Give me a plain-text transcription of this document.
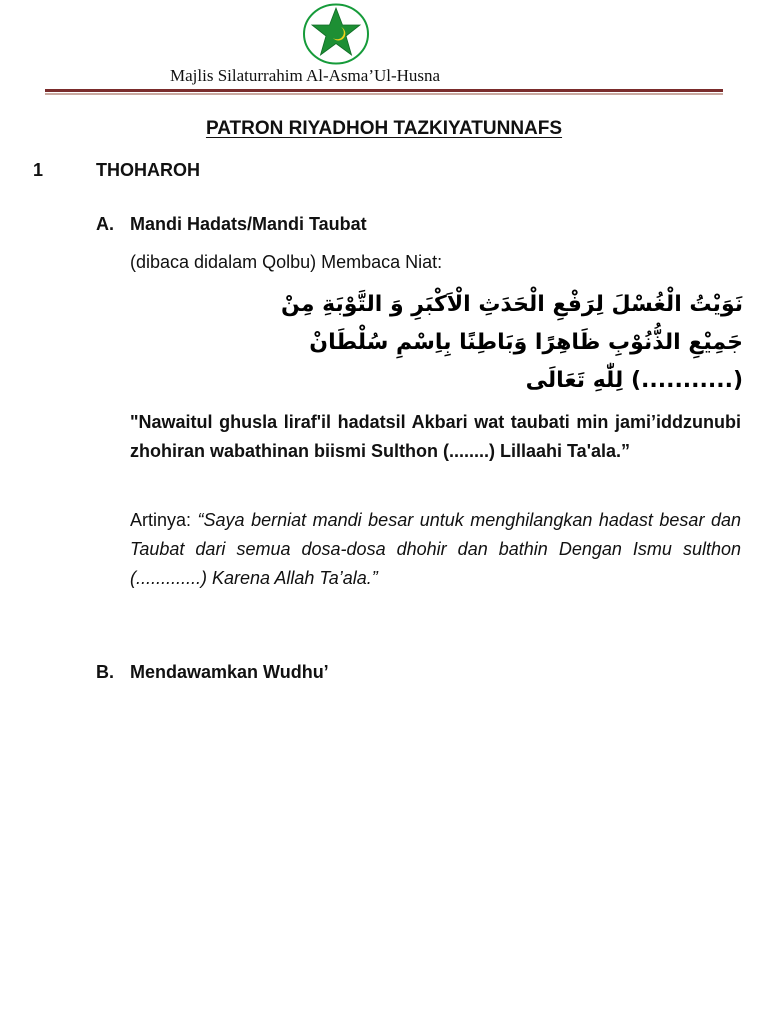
Majlis Silaturrahim Al-Asma’Ul-Husna
PATRON RIYADHOH TAZKIYATUNNAFS
1	THOHAROH
A. Mandi Hadats/Mandi Taubat
(dibaca didalam Qolbu) Membaca Niat:
نَوَيْتُ الْغُسْلَ لِرَفْعِ الْحَدَثِ الْاَكْبَرِ وَ التَّوْبَةِ مِنْ جَمِيْعِ الذُّنُوْبِ ظَاهِرًا وَبَاطِنًا بِاِسْمِ سُلْطَانْ (...........) لِلّٰهِ تَعَالَى
"Nawaitul ghusla liraf'il hadatsil Akbari wat taubati min jami’iddzunubi zhohiran wabathinan biismi Sulthon (........) Lillaahi Ta'ala.”
Artinya: “Saya berniat mandi besar untuk menghilangkan hadast besar dan Taubat dari semua dosa-dosa dhohir dan bathin Dengan Ismu sulthon (.............) Karena Allah Ta’ala.”
B. Mendawamkan Wudhu’
